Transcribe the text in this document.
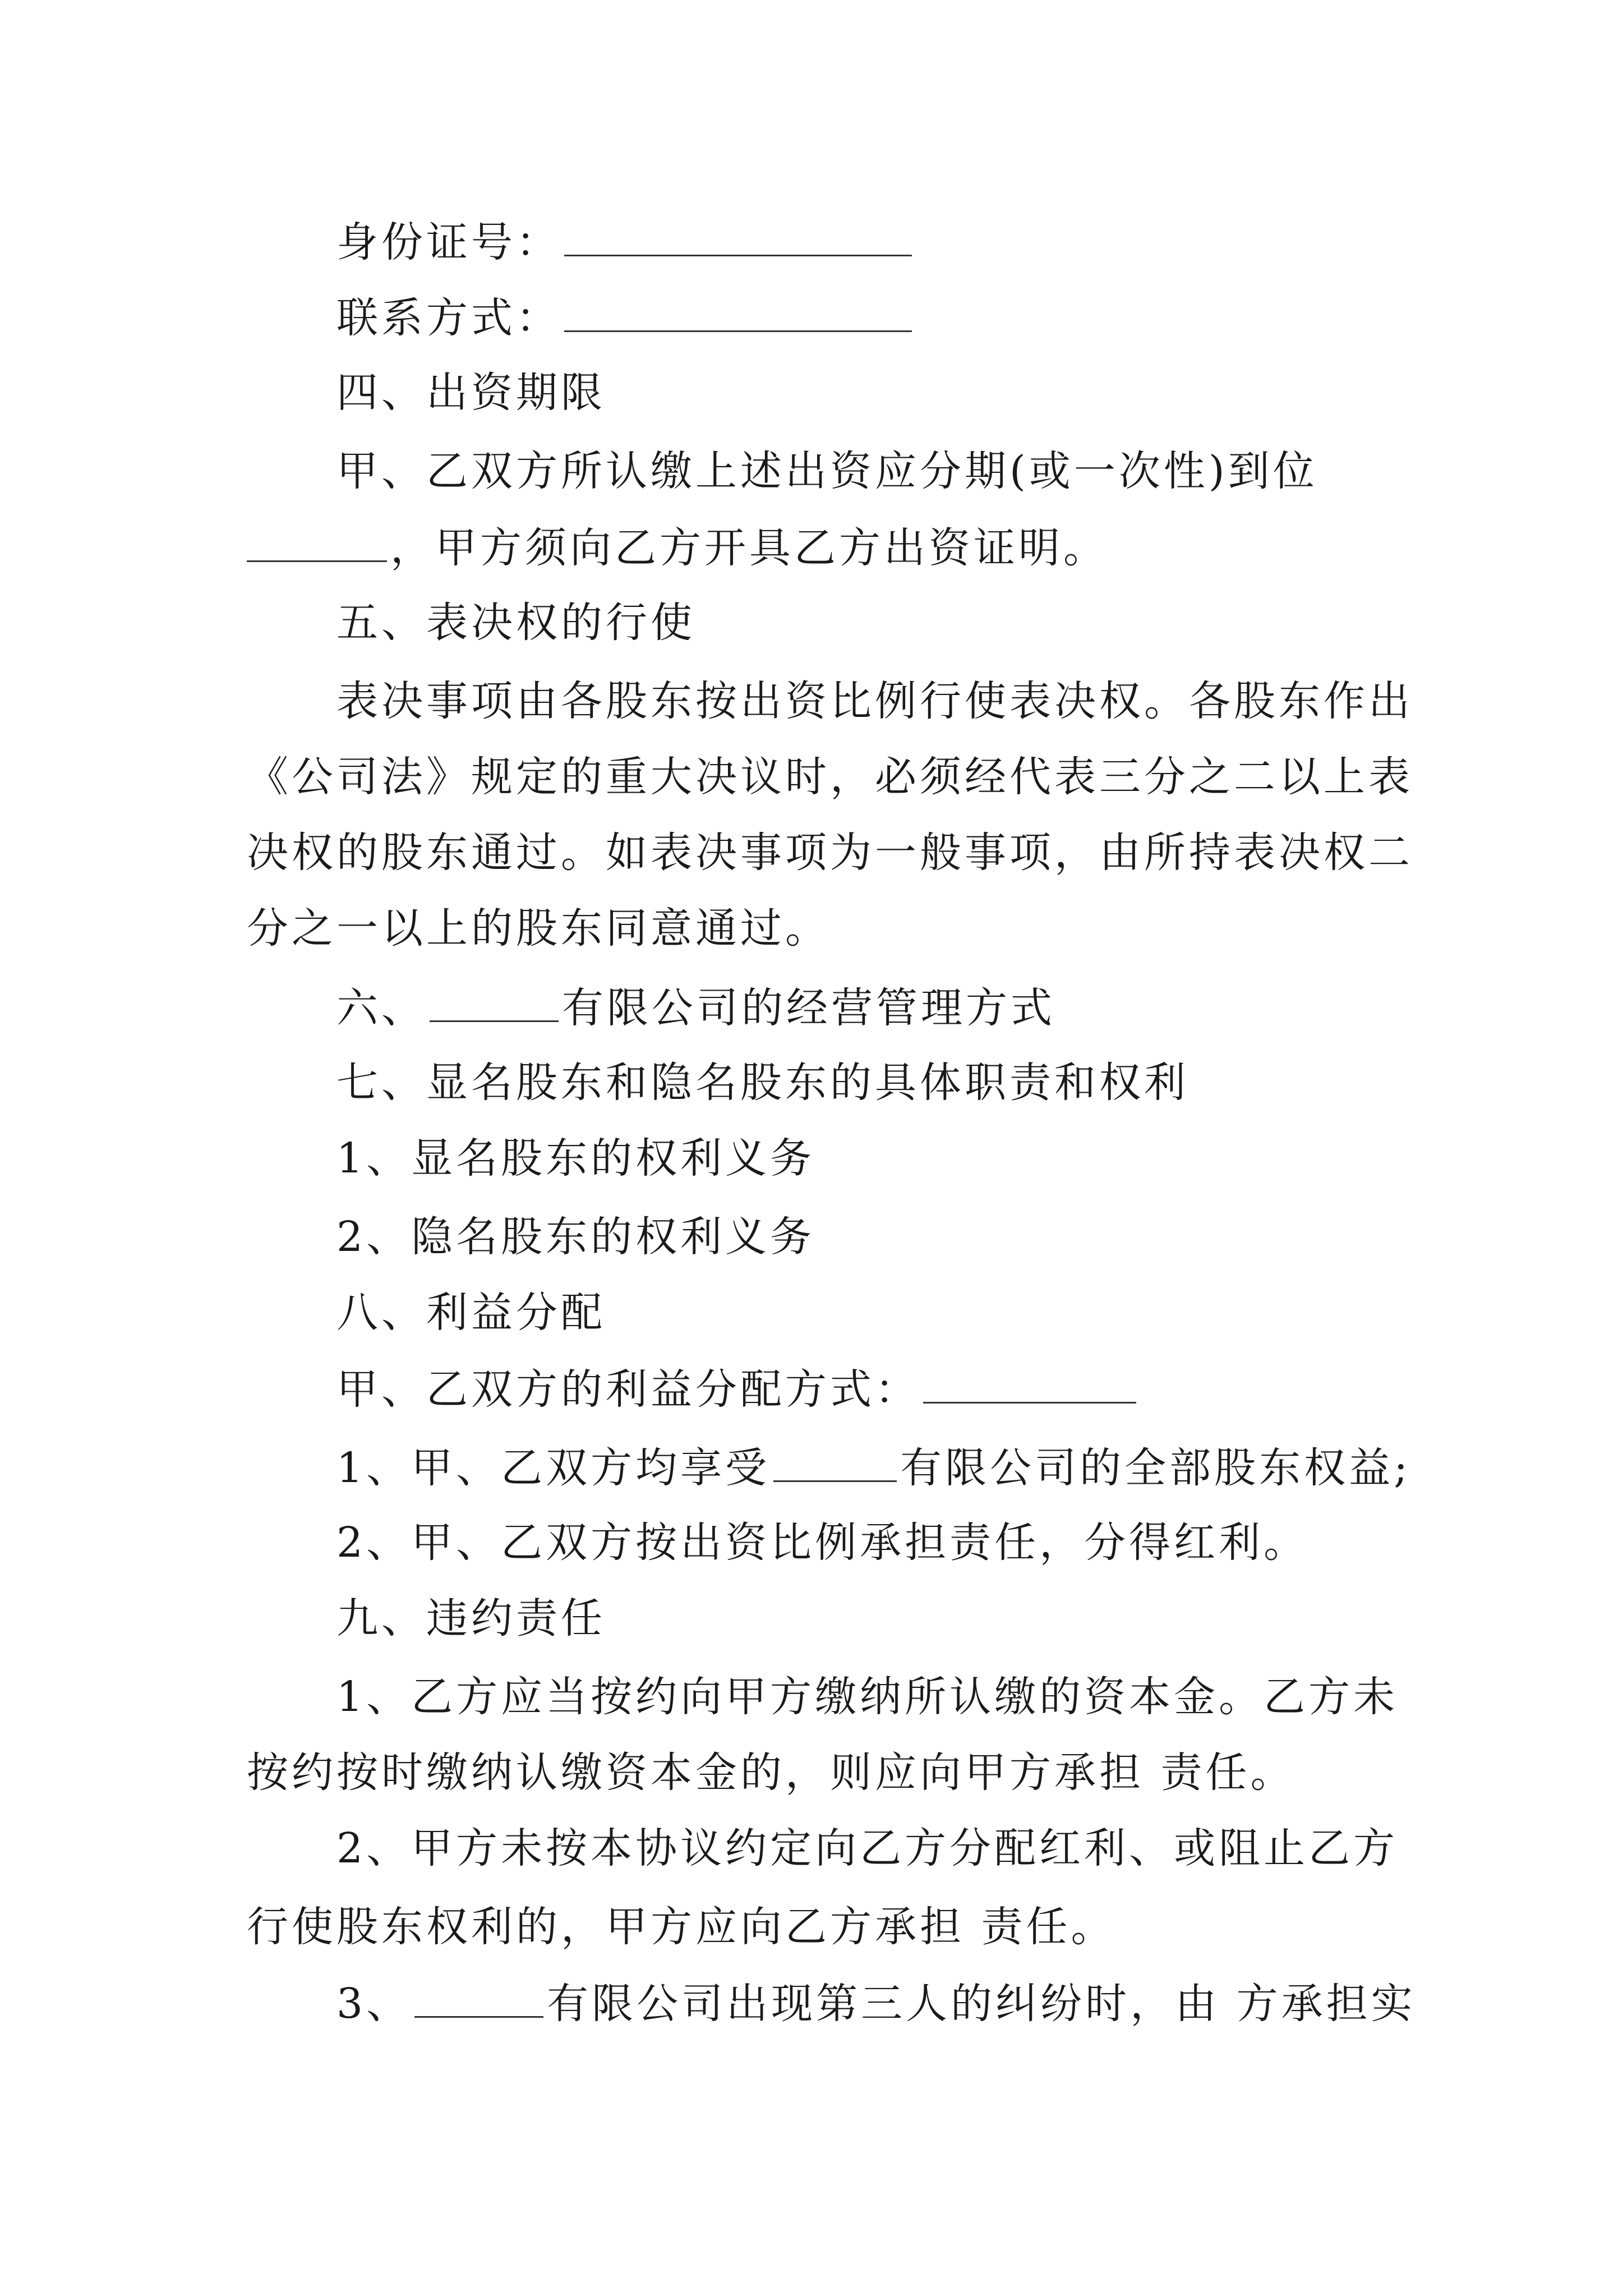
身份证号：
联系方式：
四、出资期限
甲、乙双方所认缴上述出资应分期(或一次性)到位
，甲方须向乙方开具乙方出资证明。
五、表决权的行使
表决事项由各股东按出资比例行使表决权。各股东作出
《公司法》规定的重大决议时，必须经代表三分之二以上表
决权的股东通过。如表决事项为一般事项，由所持表决权二
分之一以上的股东同意通过。
六、	有限公司的经营管理方式
七、显名股东和隐名股东的具体职责和权利
1、显名股东的权利义务
2、隐名股东的权利义务
八、利益分配
甲、乙双方的利益分配方式：
1、甲、乙双方均享受	有限公司的全部股东权益;
2、甲、乙双方按出资比例承担责任，分得红利。
九、违约责任
1、乙方应当按约向甲方缴纳所认缴的资本金。乙方未
按约按时缴纳认缴资本金的，则应向甲方承担 责任。
2、甲方未按本协议约定向乙方分配红利、或阻止乙方
行使股东权利的，甲方应向乙方承担 责任。
3、	有限公司出现第三人的纠纷时，由 方承担实
